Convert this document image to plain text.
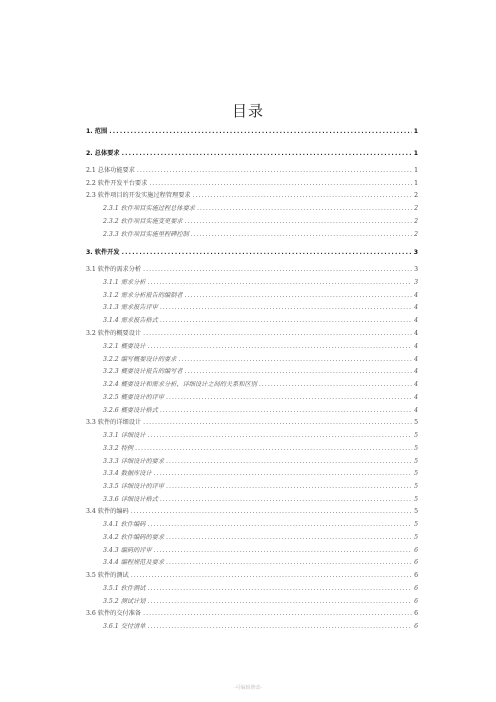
目录
1. 范围 .....	1
2. 总体要求 .....	1
2.1 总体功能要求 .....	1
2.2 软件开发平台要求 .....	1
2.3 软件项目的开发实施过程管理要求 .....	2
2.3.1 软件项目实施过程总体要求 .....	2
2.3.2 软件项目实施变更要求 .....	2
2.3.3 软件项目实施里程碑控制 .....	2
3. 软件开发 .....	3
3.1 软件的需求分析 .....	3
3.1.1 需求分析 .....	3
3.1.2 需求分析报告的编制者 .....	4
3.1.3 需求报告评审 .....	4
3.1.4 需求报告格式 .....	4
3.2 软件的概要设计 .....	4
3.2.1 概要设计 .....	4
3.2.2 编写概要设计的要求 .....	4
3.2.3 概要设计报告的编写者 .....	4
3.2.4 概要设计和需求分析、详细设计之间的关系和区别 .....	4
3.2.5 概要设计的评审 .....	4
3.2.6 概要设计格式 .....	4
3.3 软件的详细设计 .....	5
3.3.1 详细设计 .....	5
3.3.2 特例 .....	5
3.3.3 详细设计的要求 .....	5
3.3.4 数据库设计 .....	5
3.3.5 详细设计的评审 .....	5
3.3.6 详细设计格式 .....	5
3.4 软件的编码 .....	5
3.4.1 软件编码 .....	5
3.4.2 软件编码的要求 .....	5
3.4.3 编码的评审 .....	6
3.4.4 编程规范及要求 .....	6
3.5 软件的测试 .....	6
3.5.1 软件测试 .....	6
3.5.2 测试计划 .....	6
3.6 软件的交付准备 .....	6
3.6.1 交付清单 .....	6
-可编辑修改-
